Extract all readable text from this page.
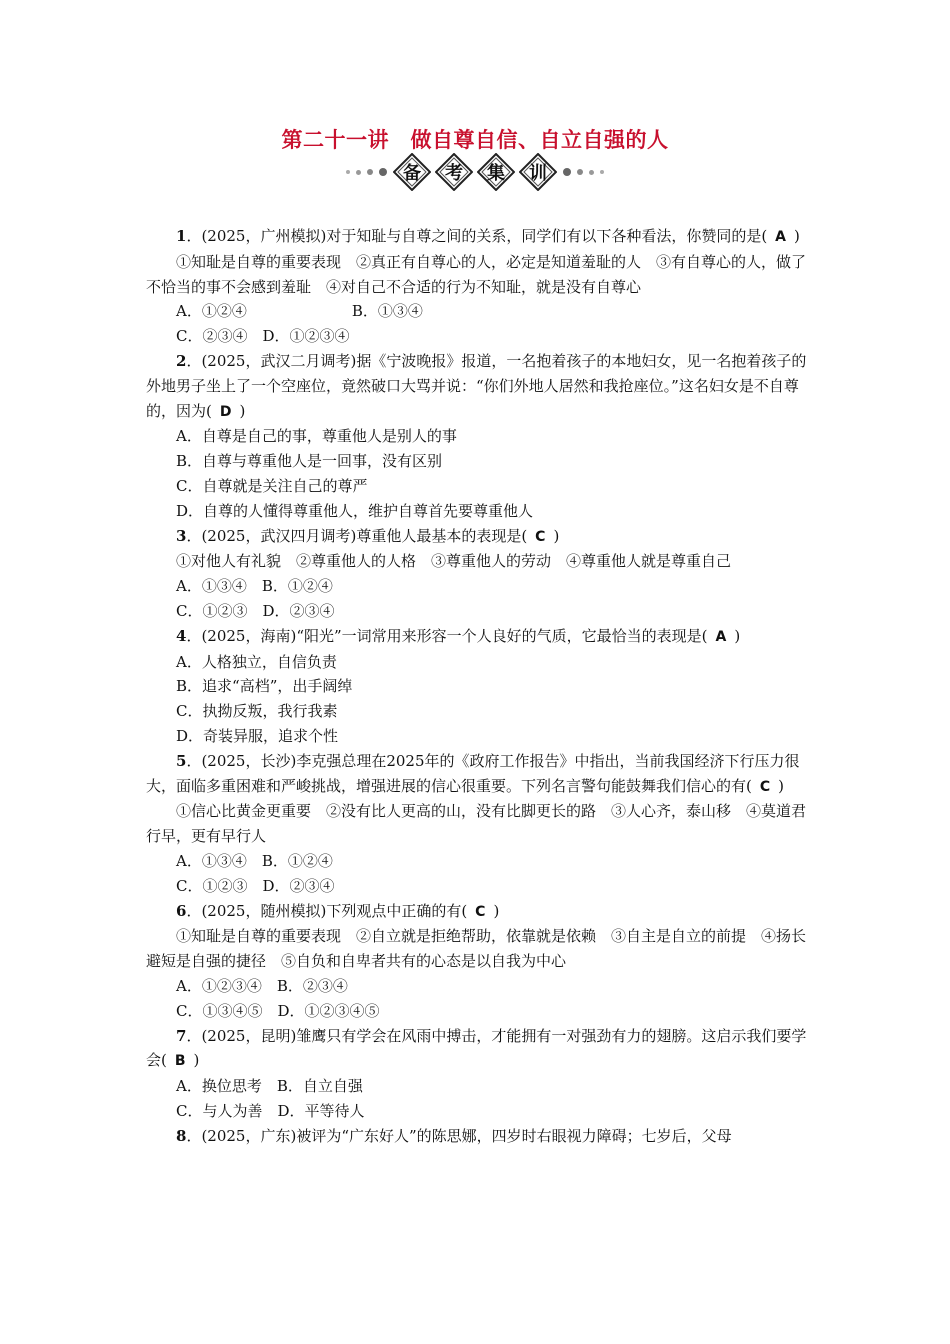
第二十一讲　做自尊自信、自立自强的人
备 考 集 训

1．(2025，广州模拟)对于知耻与自尊之间的关系，同学们有以下各种看法，你赞同的是( A )

①知耻是自尊的重要表现　②真正有自尊心的人，必定是知道羞耻的人　③有自尊心的人，做了不恰当的事不会感到羞耻　④对自己不合适的行为不知耻，就是没有自尊心

A．①②④　　　　　　　B．①③④

C．②③④　D．①②③④

2．(2025，武汉二月调考)据《宁波晚报》报道，一名抱着孩子的本地妇女，见一名抱着孩子的外地男子坐上了一个空座位，竟然破口大骂并说：“你们外地人居然和我抢座位。”这名妇女是不自尊的，因为( D )

A．自尊是自己的事，尊重他人是别人的事

B．自尊与尊重他人是一回事，没有区别

C．自尊就是关注自己的尊严

D．自尊的人懂得尊重他人，维护自尊首先要尊重他人

3．(2025，武汉四月调考)尊重他人最基本的表现是( C )

①对他人有礼貌　②尊重他人的人格　③尊重他人的劳动　④尊重他人就是尊重自己

A．①③④　B．①②④

C．①②③　D．②③④

4．(2025，海南)“阳光”一词常用来形容一个人良好的气质，它最恰当的表现是( A )

A．人格独立，自信负责

B．追求“高档”，出手阔绰

C．执拗反叛，我行我素

D．奇装异服，追求个性

5．(2025，长沙)李克强总理在2025年的《政府工作报告》中指出，当前我国经济下行压力很大，面临多重困难和严峻挑战，增强进展的信心很重要。下列名言警句能鼓舞我们信心的有( C )

①信心比黄金更重要　②没有比人更高的山，没有比脚更长的路　③人心齐，泰山移　④莫道君行早，更有早行人

A．①③④　B．①②④

C．①②③　D．②③④

6．(2025，随州模拟)下列观点中正确的有( C )

①知耻是自尊的重要表现　②自立就是拒绝帮助，依靠就是依赖　③自主是自立的前提　④扬长避短是自强的捷径　⑤自负和自卑者共有的心态是以自我为中心

A．①②③④　B．②③④

C．①③④⑤　D．①②③④⑤

7．(2025，昆明)雏鹰只有学会在风雨中搏击，才能拥有一对强劲有力的翅膀。这启示我们要学会( B )

A．换位思考　B．自立自强

C．与人为善　D．平等待人

8．(2025，广东)被评为“广东好人”的陈思娜，四岁时右眼视力障碍；七岁后，父母
